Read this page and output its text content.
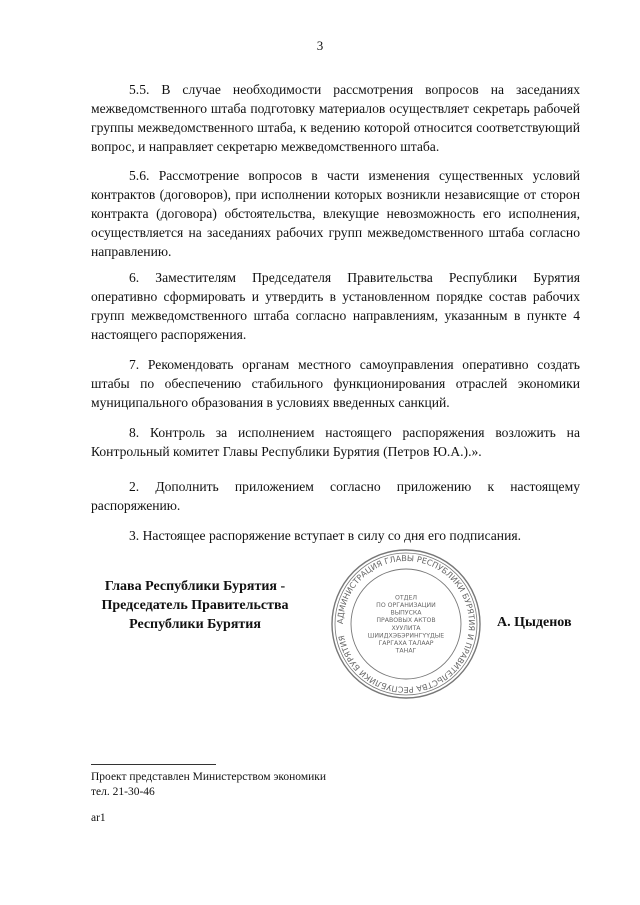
3

5.5. В случае необходимости рассмотрения вопросов на заседаниях межведомственного штаба подготовку материалов осуществляет секретарь рабочей группы межведомственного штаба, к ведению которой относится соответствующий вопрос, и направляет секретарю межведомственного штаба.

5.6. Рассмотрение вопросов в части изменения существенных условий контрактов (договоров), при исполнении которых возникли независящие от сторон контракта (договора) обстоятельства, влекущие невозможность его исполнения, осуществляется на заседаниях рабочих групп межведомственного штаба согласно направлению.

6. Заместителям Председателя Правительства Республики Бурятия оперативно сформировать и утвердить в установленном порядке состав рабочих групп межведомственного штаба согласно направлениям, указанным в пункте 4 настоящего распоряжения.

7. Рекомендовать органам местного самоуправления оперативно создать штабы по обеспечению стабильного функционирования отраслей экономики муниципального образования в условиях введенных санкций.

8. Контроль за исполнением настоящего распоряжения возложить на Контрольный комитет Главы Республики Бурятия (Петров Ю.А.).».

2. Дополнить приложением согласно приложению к настоящему распоряжению.

3. Настоящее распоряжение вступает в силу со дня его подписания.

Глава Республики Бурятия -
Председатель Правительства
Республики Бурятия	АДМИНИСТРАЦИЯ ГЛАВЫ РЕСПУБЛИКИ БУРЯТИЯ И ПРАВИТЕЛЬСТВА РЕСПУБЛИКИ БУРЯТИЯ
ОТДЕЛ
ПО ОРГАНИЗАЦИИ
ВЫПУСКА
ПРАВОВЫХ АКТОВ
ХУУЛИТА
ШИИДХЭБЭРИНГҮҮДЫЕ
ГАРГАХА ТАЛААР
ТАНАГ
А. Цыденов
Проект представлен Министерством экономики
тел. 21-30-46
ar1
